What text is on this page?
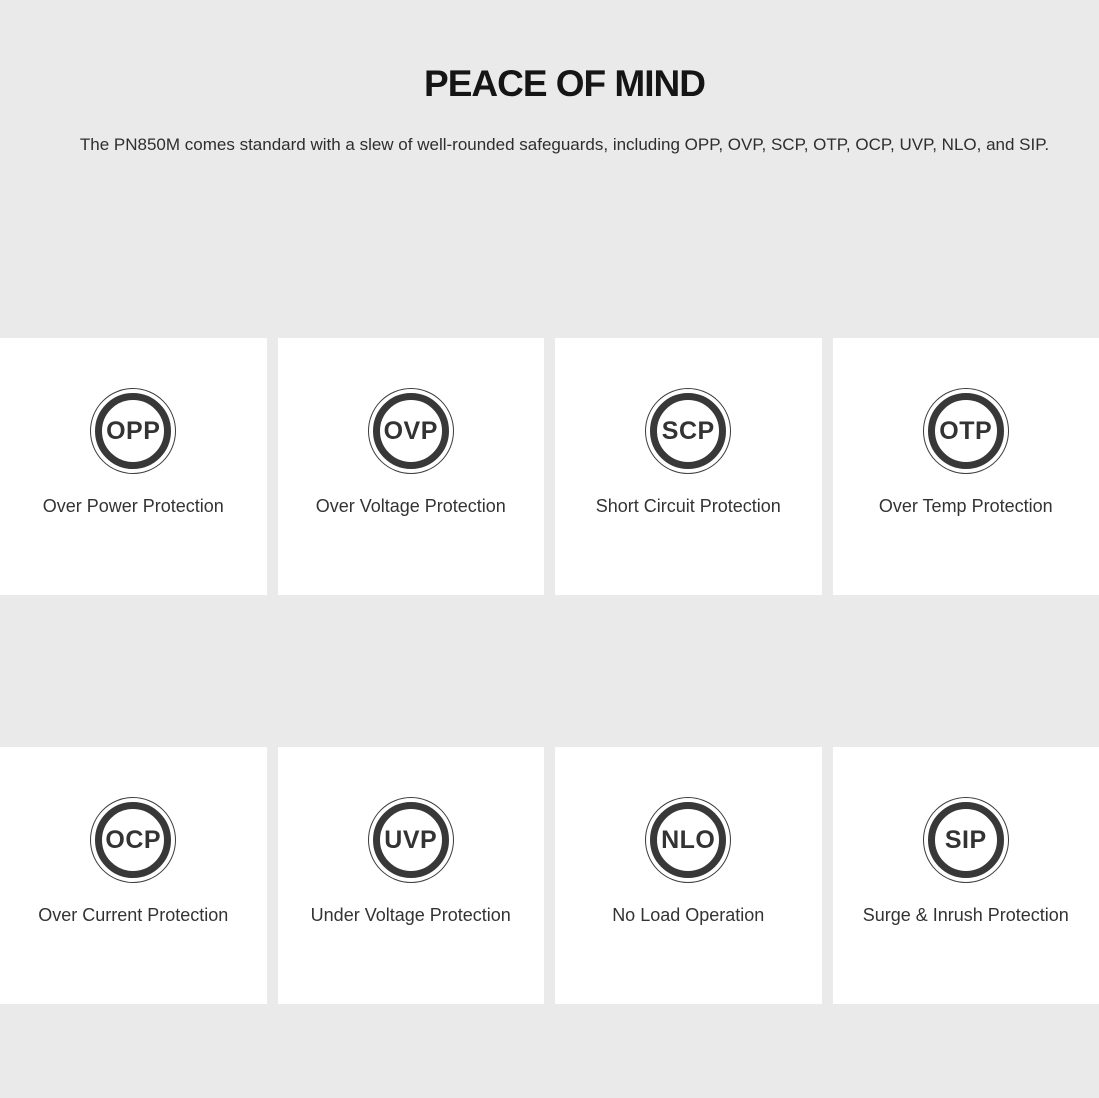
PEACE OF MIND

The PN850M comes standard with a slew of well-rounded safeguards, including OPP, OVP, SCP, OTP, OCP, UVP, NLO, and SIP.

OPP
Over Power Protection
OVP
Over Voltage Protection
SCP
Short Circuit Protection
OTP
Over Temp Protection
OCP
Over Current Protection
UVP
Under Voltage Protection
NLO
No Load Operation
SIP
Surge & Inrush Protection
